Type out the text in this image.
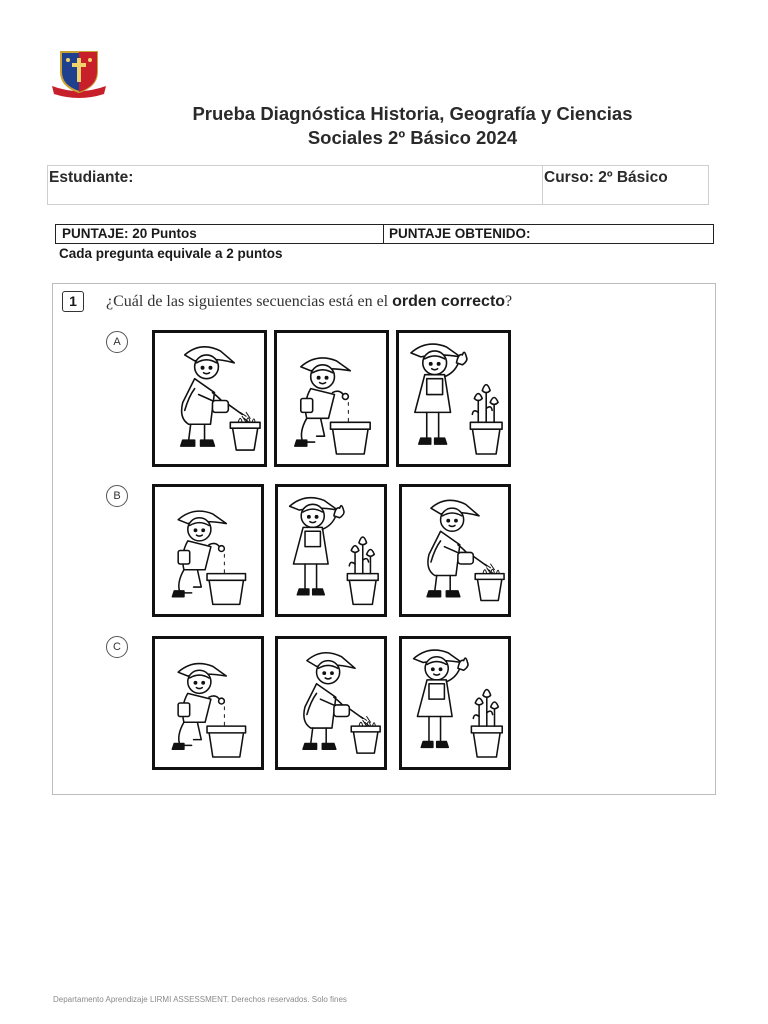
Prueba Diagnóstica Historia, Geografía y Ciencias
Sociales 2º Básico 2024
Estudiante:	Curso: 2º Básico
PUNTAJE: 20 Puntos	PUNTAJE OBTENIDO:
Cada pregunta equivale a 2 puntos
1	¿Cuál de las siguientes secuencias está en el orden correcto?
A
B
C
Departamento Aprendizaje LIRMI ASSESSMENT. Derechos reservados. Solo fines
